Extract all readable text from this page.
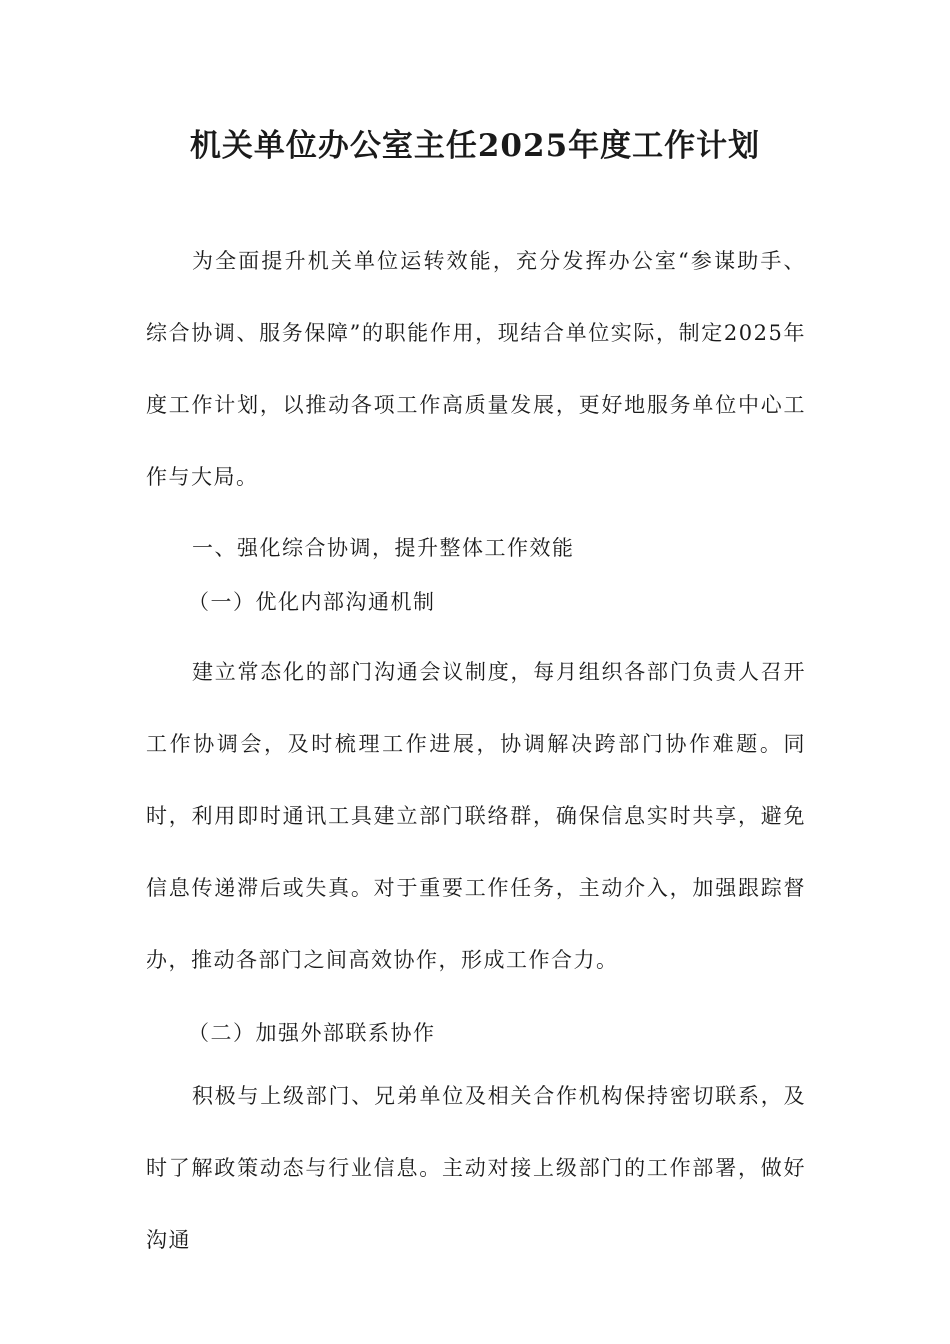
机关单位办公室主任2025年度工作计划

为全面提升机关单位运转效能，充分发挥办公室“参谋助手、综合协调、服务保障”的职能作用，现结合单位实际，制定2025年度工作计划，以推动各项工作高质量发展，更好地服务单位中心工作与大局。

一、强化综合协调，提升整体工作效能

（一）优化内部沟通机制

建立常态化的部门沟通会议制度，每月组织各部门负责人召开工作协调会，及时梳理工作进展，协调解决跨部门协作难题。同时，利用即时通讯工具建立部门联络群，确保信息实时共享，避免信息传递滞后或失真。对于重要工作任务，主动介入，加强跟踪督办，推动各部门之间高效协作，形成工作合力。

（二）加强外部联系协作

积极与上级部门、兄弟单位及相关合作机构保持密切联系，及时了解政策动态与行业信息。主动对接上级部门的工作部署，做好沟通
